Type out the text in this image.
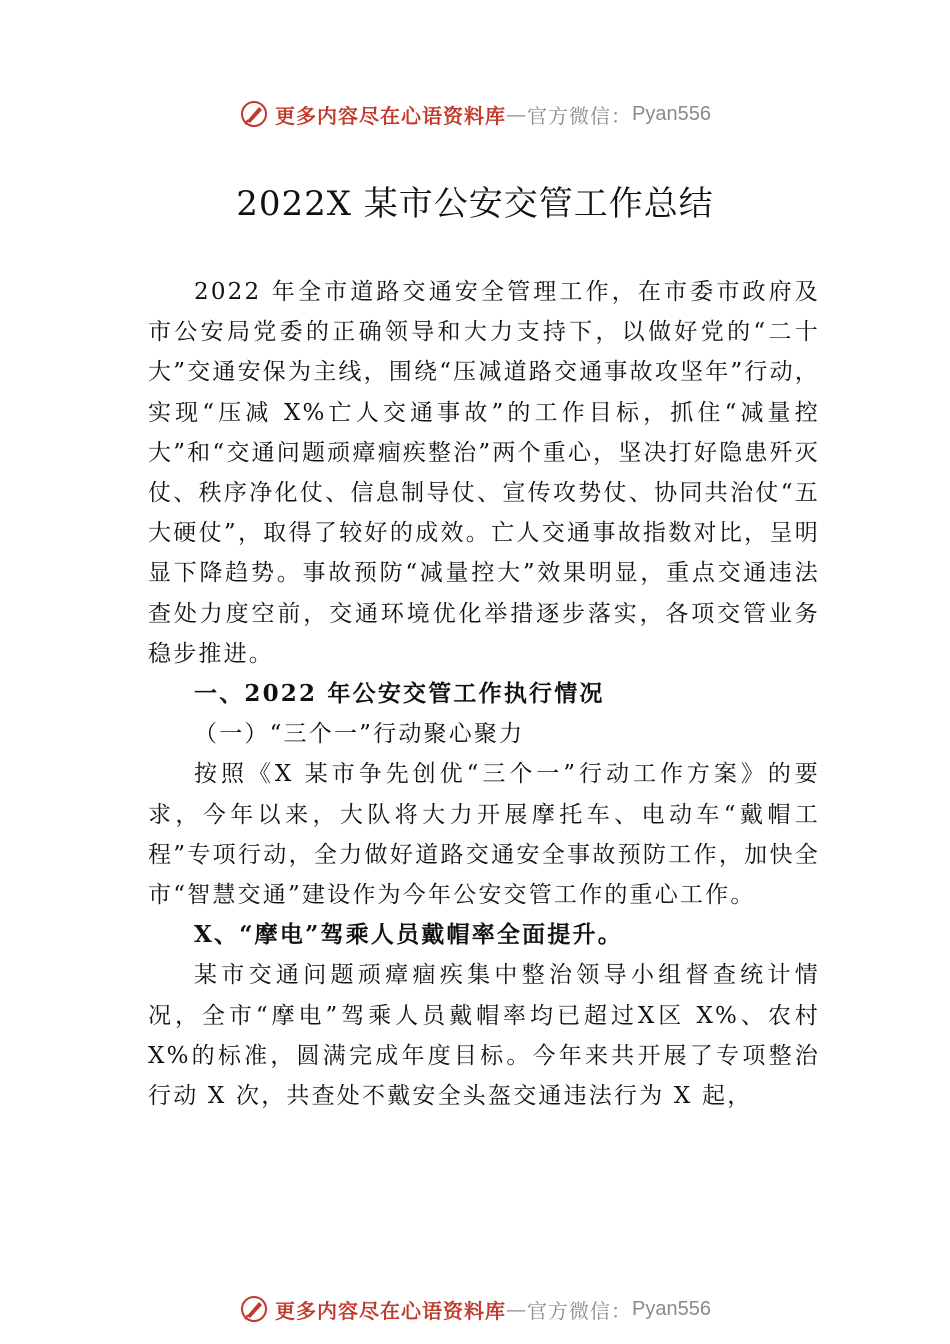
更多内容尽在心语资料库 — 官方微信： Pyan556
2022X 某市公安交管工作总结

2022 年全市道路交通安全管理工作，在市委市政府及市公安局党委的正确领导和大力支持下，以做好党的“二十大”交通安保为主线，围绕“压减道路交通事故攻坚年”行动，实现“压减 X%亡人交通事故”的工作目标，抓住“减量控大”和“交通问题顽瘴痼疾整治”两个重心，坚决打好隐患歼灭仗、秩序净化仗、信息制导仗、宣传攻势仗、协同共治仗“五大硬仗”，取得了较好的成效。亡人交通事故指数对比，呈明显下降趋势。事故预防“减量控大”效果明显，重点交通违法查处力度空前，交通环境优化举措逐步落实，各项交管业务稳步推进。

一、2022 年公安交管工作执行情况
（一）“三个一”行动聚心聚力

按照《X 某市争先创优“三个一”行动工作方案》的要求，今年以来，大队将大力开展摩托车、电动车“戴帽工程”专项行动，全力做好道路交通安全事故预防工作，加快全市“智慧交通”建设作为今年公安交管工作的重心工作。

X、“摩电”驾乘人员戴帽率全面提升。

某市交通问题顽瘴痼疾集中整治领导小组督查统计情况，全市“摩电”驾乘人员戴帽率均已超过Ⅹ区 X%、农村 X%的标准，圆满完成年度目标。今年来共开展了专项整治行动 X 次，共查处不戴安全头盔交通违法行为 X 起，

更多内容尽在心语资料库 — 官方微信： Pyan556
